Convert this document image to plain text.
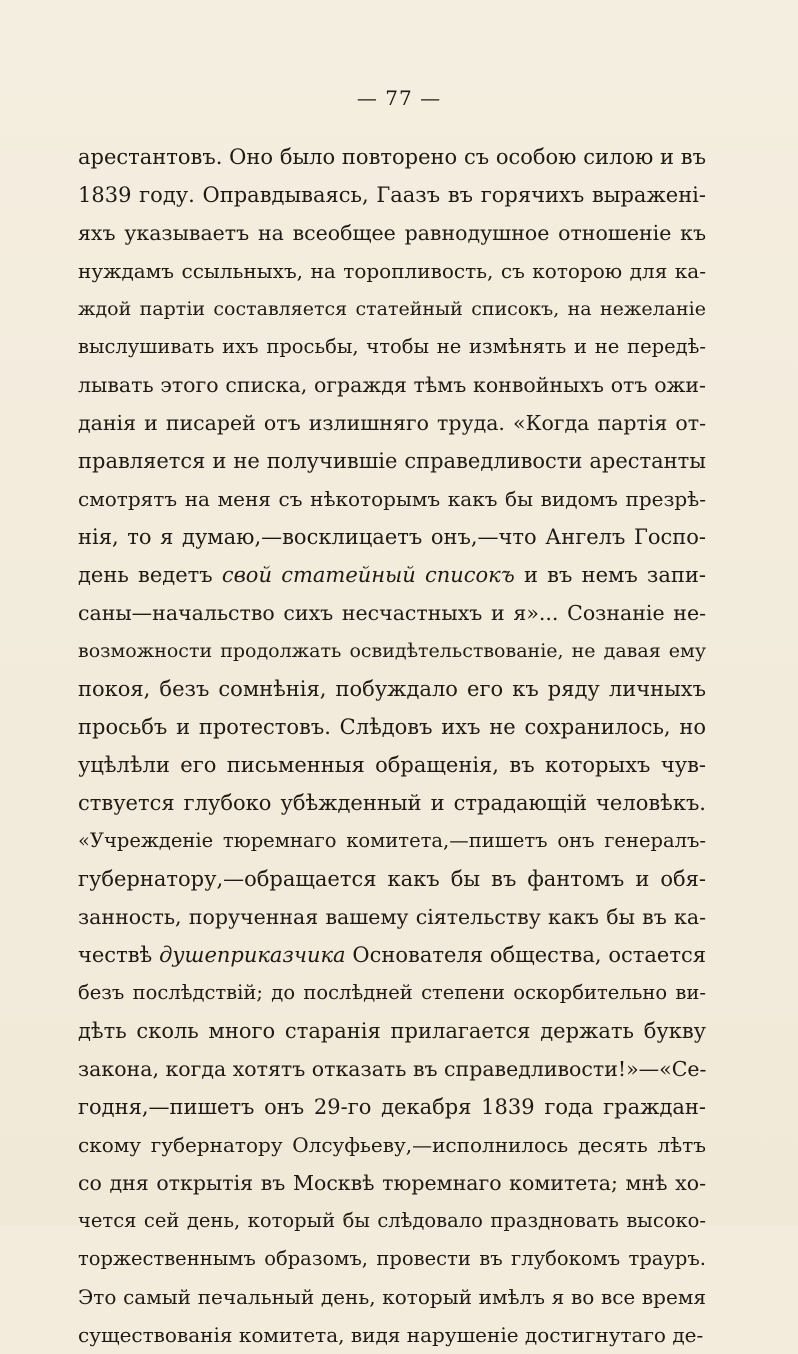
— 77 —
арестантовъ. Оно было повторено съ особою силою и въ
1839 году. Оправдываясь, Гаазъ въ горячихъ выражені-
яхъ указываетъ на всеобщее равнодушное отношеніе къ
нуждамъ ссыльныхъ, на торопливость, съ которою для ка-
ждой партіи составляется статейный списокъ, на нежеланіе
выслушивать ихъ просьбы, чтобы не измѣнять и не передѣ-
лывать этого списка, ограждя тѣмъ конвойныхъ отъ ожи-
данія и писарей отъ излишняго труда. «Когда партія от-
правляется и не получившіе справедливости арестанты
смотрятъ на меня съ нѣкоторымъ какъ бы видомъ презрѣ-
нія, то я думаю,—восклицаетъ онъ,—что Ангелъ Госпо-
день ведетъ свой статейный списокъ и въ немъ запи-
саны—начальство сихъ несчастныхъ и я»... Сознаніе не-
возможности продолжать освидѣтельствованіе, не давая ему
покоя, безъ сомнѣнія, побуждало его къ ряду личныхъ
просьбъ и протестовъ. Слѣдовъ ихъ не сохранилось, но
уцѣлѣли его письменныя обращенія, въ которыхъ чув-
ствуется глубоко убѣжденный и страдающій человѣкъ.
«Учрежденіе тюремнаго комитета,—пишетъ онъ генералъ-
губернатору,—обращается какъ бы въ фантомъ и обя-
занность, порученная вашему сіятельству какъ бы въ ка-
чествѣ душеприказчика Основателя общества, остается
безъ послѣдствій; до послѣдней степени оскорбительно ви-
дѣть сколь много старанія прилагается держать букву
закона, когда хотятъ отказать въ справедливости!»—«Се-
годня,—пишетъ онъ 29-го декабря 1839 года граждан-
скому губернатору Олсуфьеву,—исполнилось десять лѣтъ
со дня открытія въ Москвѣ тюремнаго комитета; мнѣ хо-
чется сей день, который бы слѣдовало праздновать высоко-
торжественнымъ образомъ, провести въ глубокомъ трауръ.
Это самый печальный день, который имѣлъ я во все время
существованія комитета, видя нарушеніе достигнутаго де-
